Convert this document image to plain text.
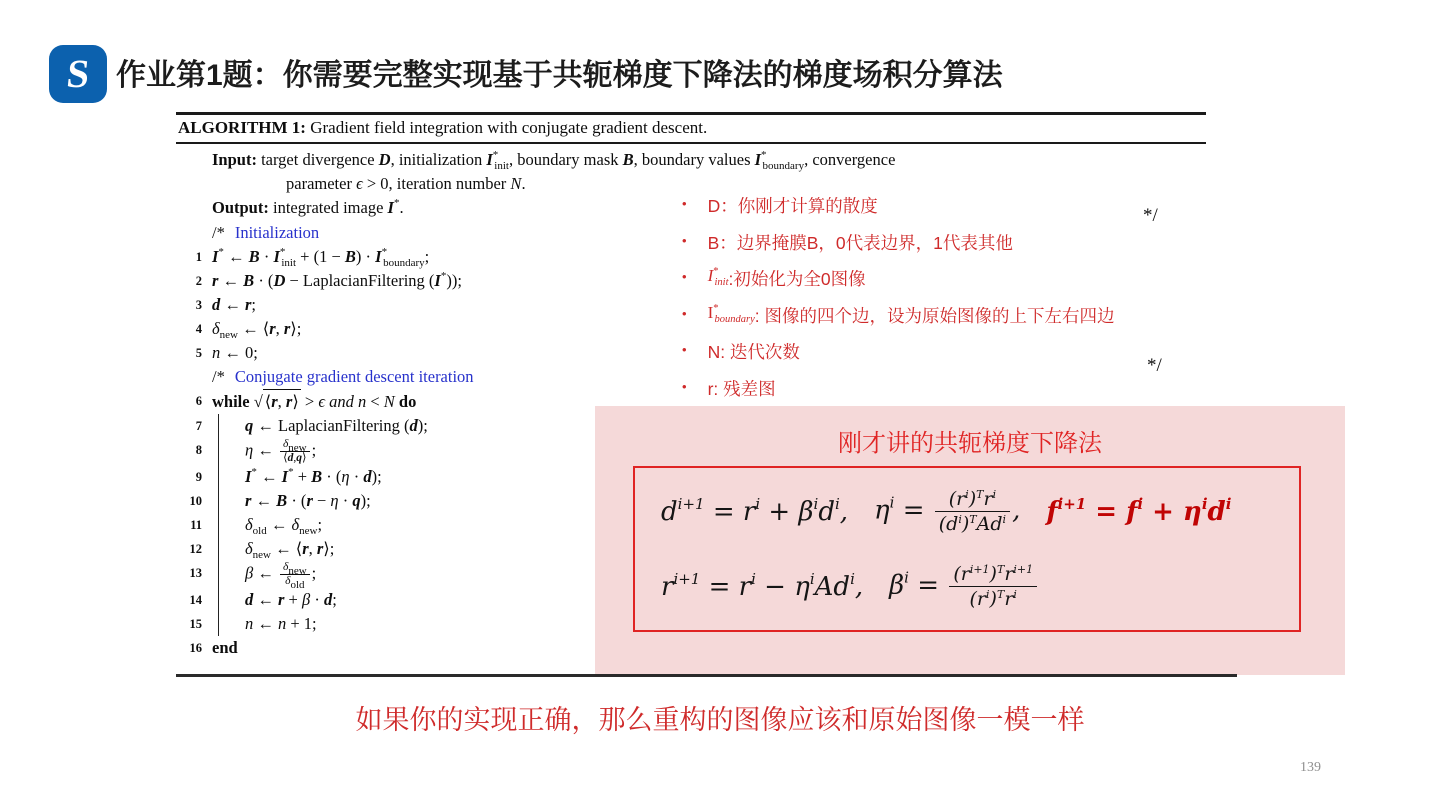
S 作业第1题：你需要完整实现基于共轭梯度下降法的梯度场积分算法
ALGORITHM 1: Gradient field integration with conjugate gradient descent.
Input: target divergence D, initialization $I^*_{init}$, boundary mask B, boundary values $I^*_{boundary}$, convergence
parameter ϵ > 0, iteration number N.
Output: integrated image I*.
/* Initialization
1 I* ← $B \cdot I^*_{init} + (1 - B) \cdot I^*_{boundary}$;
2 r ← B · (D − LaplacianFiltering (I*));
3 d ← r;
4 $\delta_{new}$ ← ⟨r, r⟩;
5 n ← 0;
/* Conjugate gradient descent iteration
6 while √ ⟨r, r⟩ > ϵ and n < N do
7	q ← LaplacianFiltering (d);
8	η ← $\delta_{new}$
⟨d,q⟩ ;
9	I* ← I* + B · (η · d);
10	r ← B · (r − η · q);
11	$\delta_{old}$ ← $\delta_{new}$;
12	$\delta_{new}$ ← ⟨r, r⟩;
13	β ← $\delta_{new}$
$\delta_{old}$
;
14	d ← r + β · d;
15	n ← n + 1;
16 end
*/
*/
• D：你刚才计算的散度
• B：边界掩膜B，0代表边界，1代表其他
• $I^*_{init}$ :初始化为全0图像
• $I^*_{boundary}$ : 图像的四个边，设为原始图像的上下左右四边
• N: 迭代次数
• r: 残差图
刚才讲的共轭梯度下降法
$d^{i+1} = r^i + \beta^id^i$, $\eta^i = (r^i)^Tr^i$
$(d^i)^TAd^i$ , $f^{i+1} = f^i + \eta^id^i$
$r^{i+1} = r^i - \eta^iAd^i$, $\beta^i = (r^{i+1})^Tr^{i+1}$
$(r^i)^Tr^i$
如果你的实现正确，那么重构的图像应该和原始图像一模一样
139
